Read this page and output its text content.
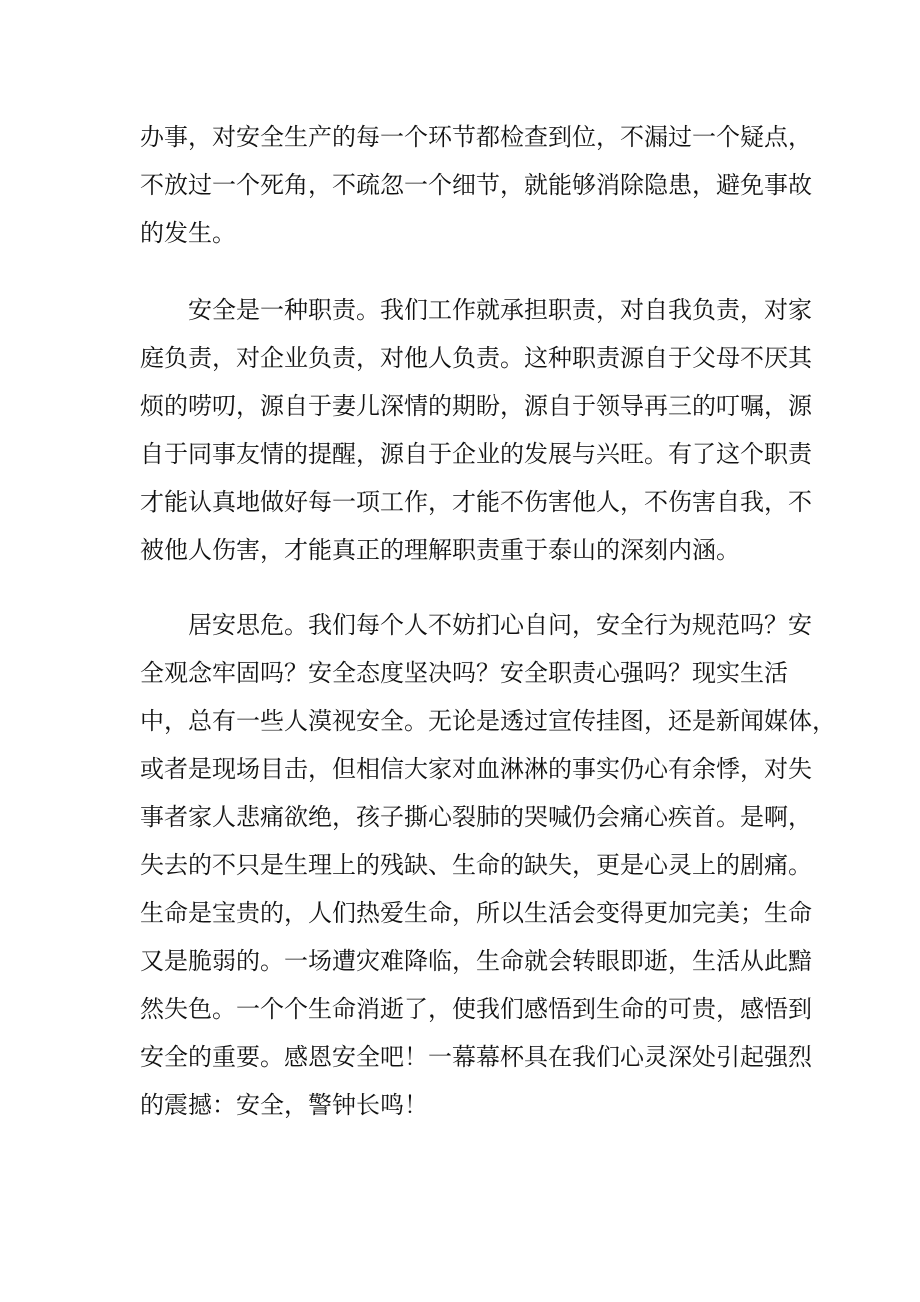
办事，对安全生产的每一个环节都检查到位，不漏过一个疑点，
不放过一个死角，不疏忽一个细节，就能够消除隐患，避免事故
的发生。
安全是一种职责。我们工作就承担职责，对自我负责，对家
庭负责，对企业负责，对他人负责。这种职责源自于父母不厌其
烦的唠叨，源自于妻儿深情的期盼，源自于领导再三的叮嘱，源
自于同事友情的提醒，源自于企业的发展与兴旺。有了这个职责
才能认真地做好每一项工作，才能不伤害他人，不伤害自我，不
被他人伤害，才能真正的理解职责重于泰山的深刻内涵。
居安思危。我们每个人不妨扪心自问，安全行为规范吗？安
全观念牢固吗？安全态度坚决吗？安全职责心强吗？现实生活
中，总有一些人漠视安全。无论是透过宣传挂图，还是新闻媒体，
或者是现场目击，但相信大家对血淋淋的事实仍心有余悸，对失
事者家人悲痛欲绝，孩子撕心裂肺的哭喊仍会痛心疾首。是啊，
失去的不只是生理上的残缺、生命的缺失，更是心灵上的剧痛。
生命是宝贵的，人们热爱生命，所以生活会变得更加完美；生命
又是脆弱的。一场遭灾难降临，生命就会转眼即逝，生活从此黯
然失色。一个个生命消逝了，使我们感悟到生命的可贵，感悟到
安全的重要。感恩安全吧！一幕幕杯具在我们心灵深处引起强烈
的震撼：安全，警钟长鸣！
